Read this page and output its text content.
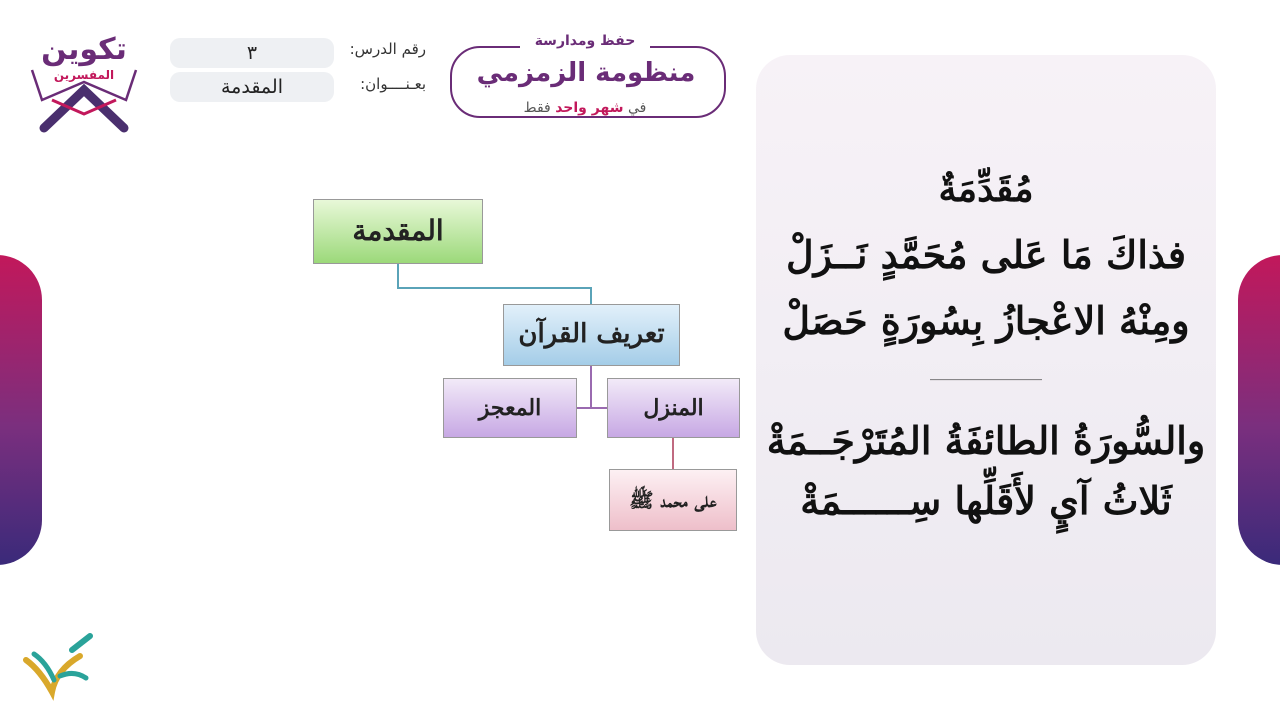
تكوين
المفسرين
رقم الدرس:
٣
بعـنــــوان:
المقدمة
حفظ ومدارسة
منظومة الزمزمي
في شهر واحد فقط
مُقَدِّمَةٌ
فذاكَ مَا عَلى مُحَمَّدٍ نَــزَلْ
ومِنْهُ الاعْجازُ بِسُورَةٍ حَصَلْ
________________
والسُّورَةُ الطائفَةُ المُتَرْجَــمَةْ
ثَلاثُ آيٍ لأَقَلِّها سِــــــمَةْ
المقدمة
تعريف القرآن
المنزل
المعجز
على محمد ﷺ
